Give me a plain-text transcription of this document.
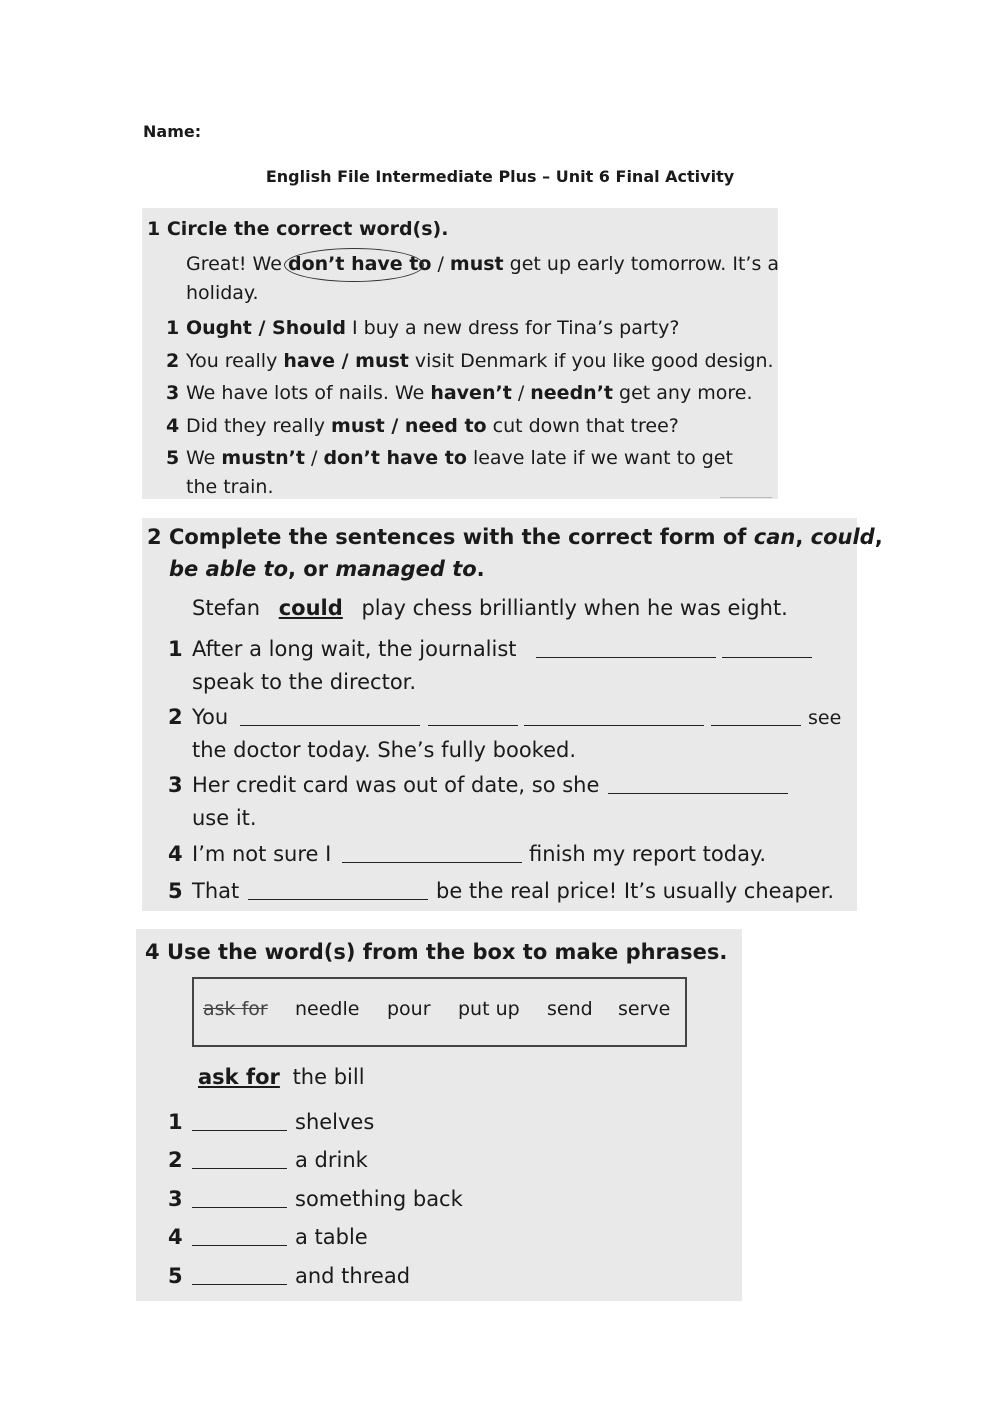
Name:
English File Intermediate Plus – Unit 6 Final Activity
1 Circle the correct word(s).
Great! We don’t have to / must get up early tomorrow. It’s a
holiday.
1 Ought / Should I buy a new dress for Tina’s party?
2 You really have / must visit Denmark if you like good design.
3 We have lots of nails. We haven’t / needn’t get any more.
4 Did they really must / need to cut down that tree?
5 We mustn’t / don’t have to leave late if we want to get
the train.
2 Complete the sentences with the correct form of can, could,
be able to, or managed to.
Stefan could play chess brilliantly when he was eight.
1 After a long wait, the journalist
speak to the director.
2 You	see
the doctor today. She’s fully booked.
3 Her credit card was out of date, so she
use it.
4 I’m not sure I	finish my report today.
5 That	be the real price! It’s usually cheaper.
4 Use the word(s) from the box to make phrases.
ask for needle pour put up send serve
ask for the bill
1	shelves
2	a drink
3	something back
4	a table
5	and thread
